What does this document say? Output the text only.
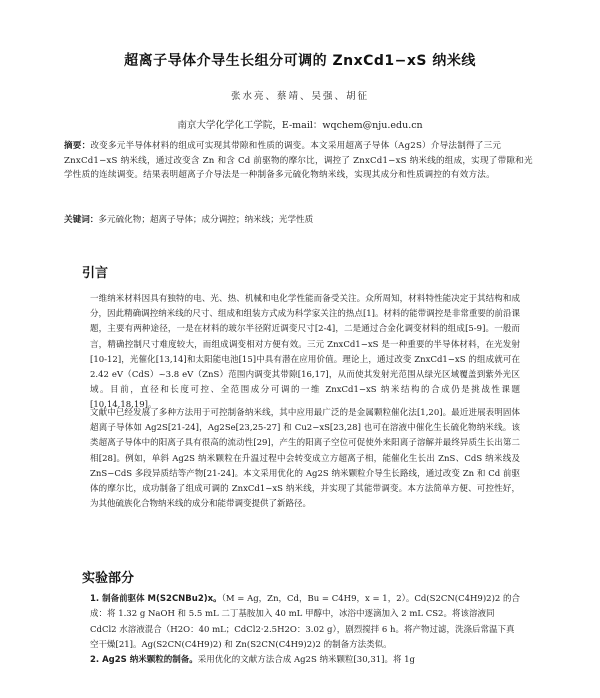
超离子导体介导生长组分可调的 ZnxCd1−xS 纳米线
张水亮、蔡靖、吴强、胡征
南京大学化学化工学院，E-mail：wqchem@nju.edu.cn
摘要：改变多元半导体材料的组成可实现其带隙和性质的调变。本文采用超离子导体（Ag2S）介导法制得了三元 ZnxCd1−xS 纳米线，通过改变含 Zn 和含 Cd 前驱物的摩尔比，调控了 ZnxCd1−xS 纳米线的组成，实现了带隙和光学性质的连续调变。结果表明超离子介导法是一种制备多元硫化物纳米线，实现其成分和性质调控的有效方法。
关键词：多元硫化物；超离子导体；成分调控；纳米线；光学性质
引言

一维纳米材料因具有独特的电、光、热、机械和电化学性能而备受关注。众所周知，材料特性能决定于其结构和成分，因此精确调控纳米线的尺寸、组成和组装方式成为科学家关注的热点[1]。材料的能带调控是非常重要的前沿课题，主要有两种途径，一是在材料的玻尔半径附近调变尺寸[2-4]，二是通过合金化调变材料的组成[5-9]。一般而言，精确控制尺寸难度较大，而组成调变相对方便有效。三元 ZnxCd1−xS 是一种重要的半导体材料，在光发射[10-12]，光催化[13,14]和太阳能电池[15]中具有潜在应用价值。理论上，通过改变 ZnxCd1−xS 的组成就可在 2.42 eV（CdS）~3.8 eV（ZnS）范围内调变其带隙[16,17]，从而使其发射光范围从绿光区域覆盖到紫外光区域。目前，直径和长度可控、全范围成分可调的一维 ZnxCd1−xS 纳米结构的合成仍是挑战性课题[10,14,18,19]。

文献中已经发展了多种方法用于可控制备纳米线，其中应用最广泛的是金属颗粒催化法[1,20]。最近进展表明固体超离子导体如 Ag2S[21-24]，Ag2Se[23,25-27] 和 Cu2−xS[23,28] 也可在溶液中催化生长硫化物纳米线。该类超离子导体中的阳离子具有很高的流动性[29]，产生的阳离子空位可促使外来阳离子溶解并最终异质生长出第二相[28]。例如，单斜 Ag2S 纳米颗粒在升温过程中会转变成立方超离子相，能催化生长出 ZnS、CdS 纳米线及 ZnS−CdS 多段异质结等产物[21-24]。本文采用优化的 Ag2S 纳米颗粒介导生长路线，通过改变 Zn 和 Cd 前驱体的摩尔比，成功制备了组成可调的 ZnxCd1−xS 纳米线，并实现了其能带调变。本方法简单方便、可控性好，为其他硫族化合物纳米线的成分和能带调变提供了新路径。

实验部分

1. 制备前驱体 M(S2CNBu2)x。（M = Ag，Zn，Cd，Bu = C4H9，x = 1，2）。Cd(S2CN(C4H9)2)2 的合成：将 1.32 g NaOH 和 5.5 mL 二丁基胺加入 40 mL 甲醇中，冰浴中逐滴加入 2 mL CS2。将该溶液同 CdCl2 水溶液混合（H2O：40 mL；CdCl2·2.5H2O：3.02 g），剧烈搅拌 6 h。将产物过滤，洗涤后常温下真空干燥[21]。Ag(S2CN(C4H9)2) 和 Zn(S2CN(C4H9)2)2 的制备方法类似。

2. Ag2S 纳米颗粒的制备。采用优化的文献方法合成 Ag2S 纳米颗粒[30,31]。将 1g
